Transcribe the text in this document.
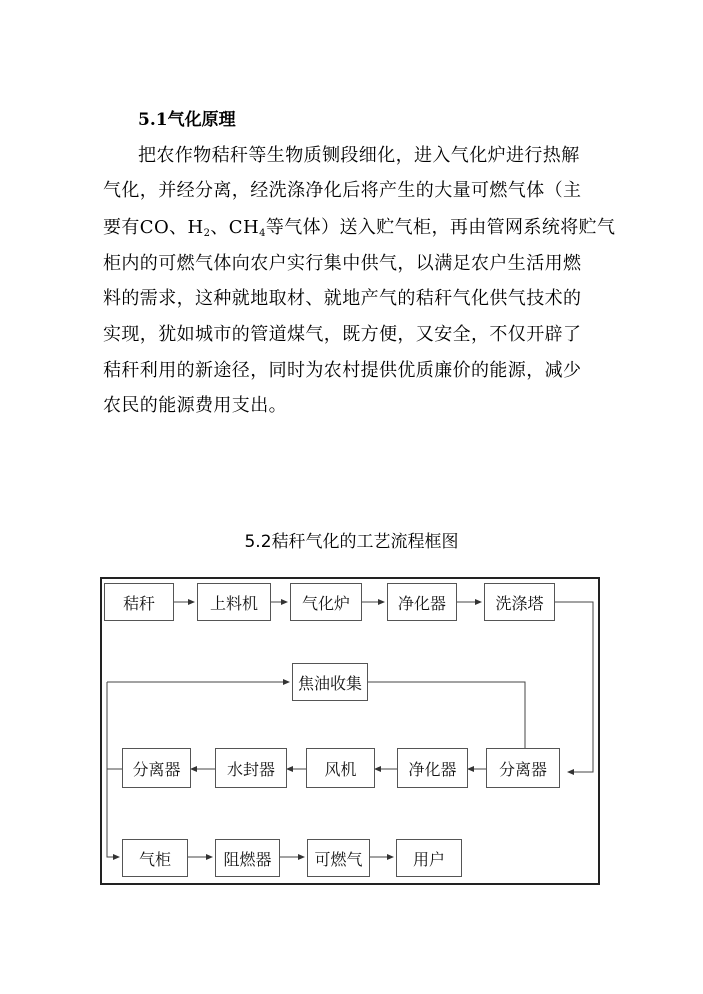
5.1气化原理
把农作物秸秆等生物质铡段细化，进入气化炉进行热解
气化，并经分离，经洗涤净化后将产生的大量可燃气体（主
要有CO、$H_2$、$CH_4$等气体）送入贮气柜，再由管网系统将贮气
柜内的可燃气体向农户实行集中供气，以满足农户生活用燃
料的需求，这种就地取材、就地产气的秸秆气化供气技术的
实现，犹如城市的管道煤气，既方便，又安全，不仅开辟了
秸秆利用的新途径，同时为农村提供优质廉价的能源，减少
农民的能源费用支出。
5.2秸秆气化的工艺流程框图
秸秆	上料机	气化炉	净化器	洗涤塔
焦油收集
分离器	水封器	风机	净化器	分离器
气柜	阻燃器	可燃气	用户
